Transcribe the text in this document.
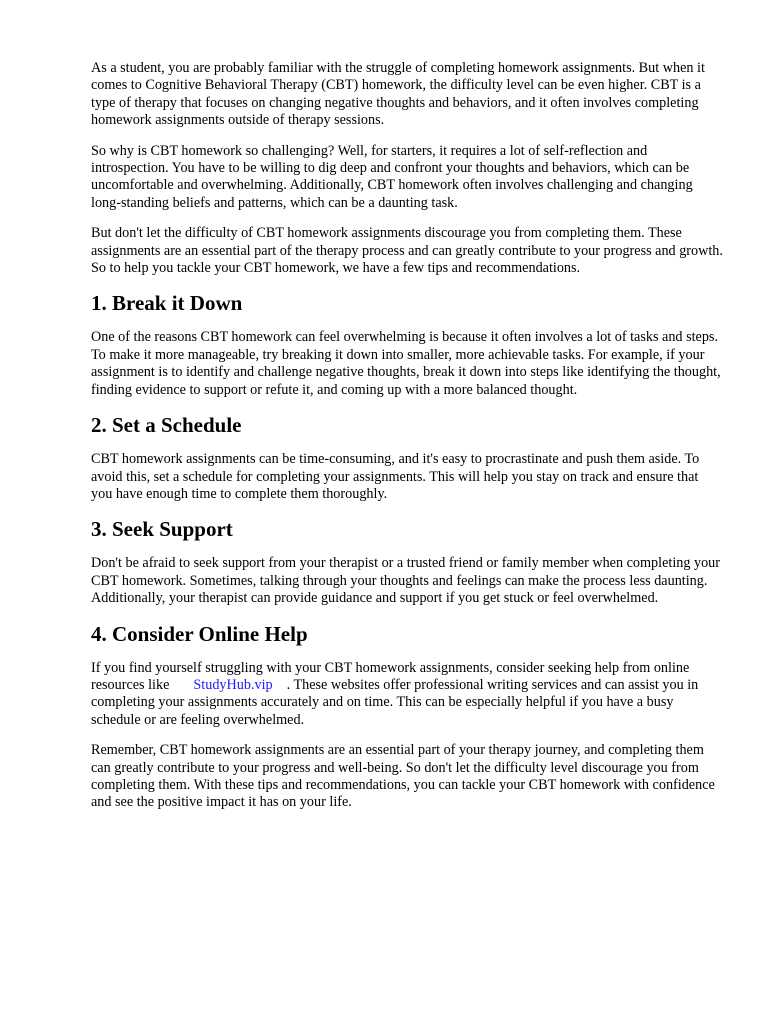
As a student, you are probably familiar with the struggle of completing homework assignments. But when it comes to Cognitive Behavioral Therapy (CBT) homework, the difficulty level can be even higher. CBT is a type of therapy that focuses on changing negative thoughts and behaviors, and it often involves completing homework assignments outside of therapy sessions.

So why is CBT homework so challenging? Well, for starters, it requires a lot of self-reflection and introspection. You have to be willing to dig deep and confront your thoughts and behaviors, which can be uncomfortable and overwhelming. Additionally, CBT homework often involves challenging and changing long-standing beliefs and patterns, which can be a daunting task.

But don't let the difficulty of CBT homework assignments discourage you from completing them. These assignments are an essential part of the therapy process and can greatly contribute to your progress and growth. So to help you tackle your CBT homework, we have a few tips and recommendations.

1. Break it Down

One of the reasons CBT homework can feel overwhelming is because it often involves a lot of tasks and steps. To make it more manageable, try breaking it down into smaller, more achievable tasks. For example, if your assignment is to identify and challenge negative thoughts, break it down into steps like identifying the thought, finding evidence to support or refute it, and coming up with a more balanced thought.

2. Set a Schedule

CBT homework assignments can be time-consuming, and it's easy to procrastinate and push them aside. To avoid this, set a schedule for completing your assignments. This will help you stay on track and ensure that you have enough time to complete them thoroughly.

3. Seek Support

Don't be afraid to seek support from your therapist or a trusted friend or family member when completing your CBT homework. Sometimes, talking through your thoughts and feelings can make the process less daunting. Additionally, your therapist can provide guidance and support if you get stuck or feel overwhelmed.

4. Consider Online Help

If you find yourself struggling with your CBT homework assignments, consider seeking help from online resources like StudyHub.vip . These websites offer professional writing services and can assist you in completing your assignments accurately and on time. This can be especially helpful if you have a busy schedule or are feeling overwhelmed.

Remember, CBT homework assignments are an essential part of your therapy journey, and completing them can greatly contribute to your progress and well-being. So don't let the difficulty level discourage you from completing them. With these tips and recommendations, you can tackle your CBT homework with confidence and see the positive impact it has on your life.
